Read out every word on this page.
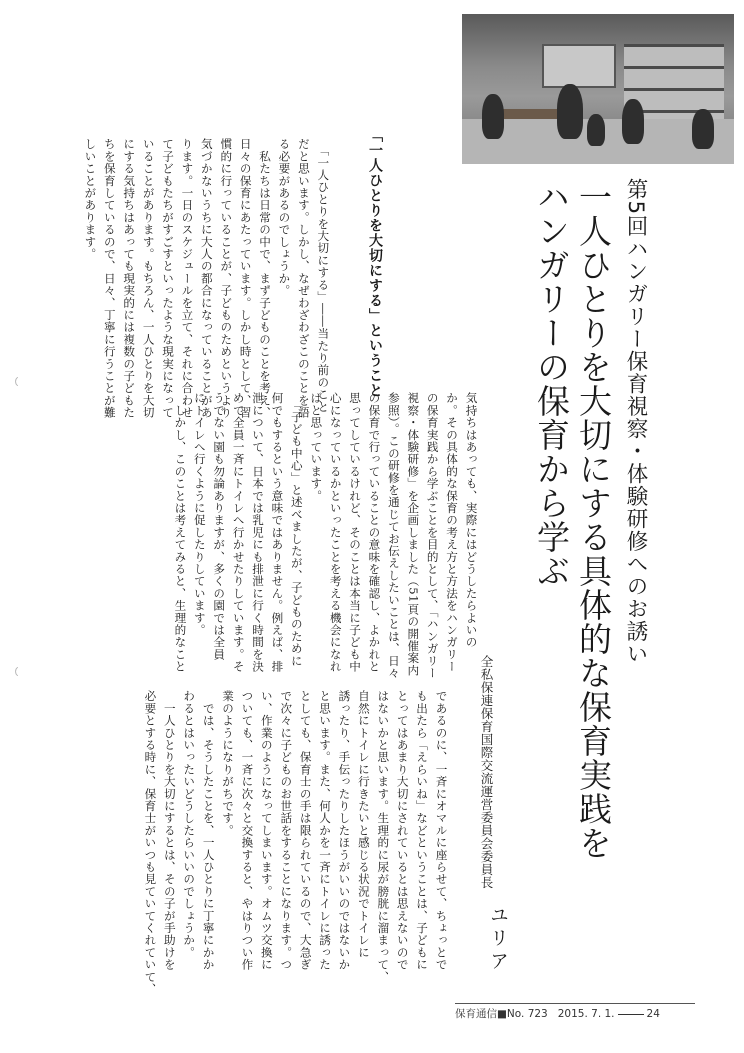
第5回ハンガリー保育視察・体験研修へのお誘い
一人ひとりを大切にする具体的な保育実践を
ハンガリーの保育から学ぶ
全私保連保育国際交流運営委員会委員長
ユリア
気持ちはあっても、実際にはどうしたらよいの
か。その具体的な保育の考え方と方法をハンガリー
の保育実践から学ぶことを目的として、「ハンガリー
視察・体験研修」を企画しました（51頁の開催案内
参照）。この研修を通じてお伝えしたいことは、日々
の保育で行っていることの意味を確認し、よかれと
思ってしているけれど、そのことは本当に子ども中
心になっているかといったことを考える機会になれ
ばと思っています。
　「子ども中心」と述べましたが、子どものために
何でもするという意味ではありません。例えば、排
泄について、日本では乳児にも排泄に行く時間を決
めて全員一斉にトイレへ行かせたりしています。そ
うでない園も勿論ありますが、多くの園では全員
にトイレへ行くように促したりしています。
　しかし、このことは考えてみると、生理的なこと
であるのに、一斉にオマルに座らせて、ちょっとで
も出たら「えらいね」などということは、子どもに
とってはあまり大切にされているとは思えないので
はないかと思います。生理的に尿が膀胱に溜まって、
自然にトイレに行きたいと感じる状況でトイレに
誘ったり、手伝ったりしたほうがいいのではないか
と思います。また、何人かを一斉にトイレに誘った
としても、保育士の手は限られているので、大急ぎ
で次々に子どものお世話をすることになります。つ
い、作業のようになってしまいます。オムツ交換に
ついても、一斉に次々と交換すると、やはりつい作
業のようになりがちです。
　では、そうしたことを、一人ひとりに丁寧にかか
わるとはいったいどうしたらいいのでしょうか。
　一人ひとりを大切にするとは、その子が手助けを
必要とする時に、保育士がいつも見ていてくれていて、
「一人ひとりを大切にする」ということ
　「一人ひとりを大切にする」――当たり前のこと
だと思います。しかし、なぜわざわざこのことを語
る必要があるのでしょうか。
　私たちは日常の中で、まず子どものことを考え、
日々の保育にあたっています。しかし時として、習
慣的に行っていることが、子どものためというより
気づかないうちに大人の都合になっていることがあ
ります。一日のスケジュールを立て、それに合わせ
て子どもたちがすごすといったような現実になって
いることがあります。もちろん、一人ひとりを大切
にする気持ちはあっても現実的には複数の子どもた
ちを保育しているので、日々、丁寧に行うことが難
しいことがあります。
保育通信■No. 723 2015. 7. 1.	24
